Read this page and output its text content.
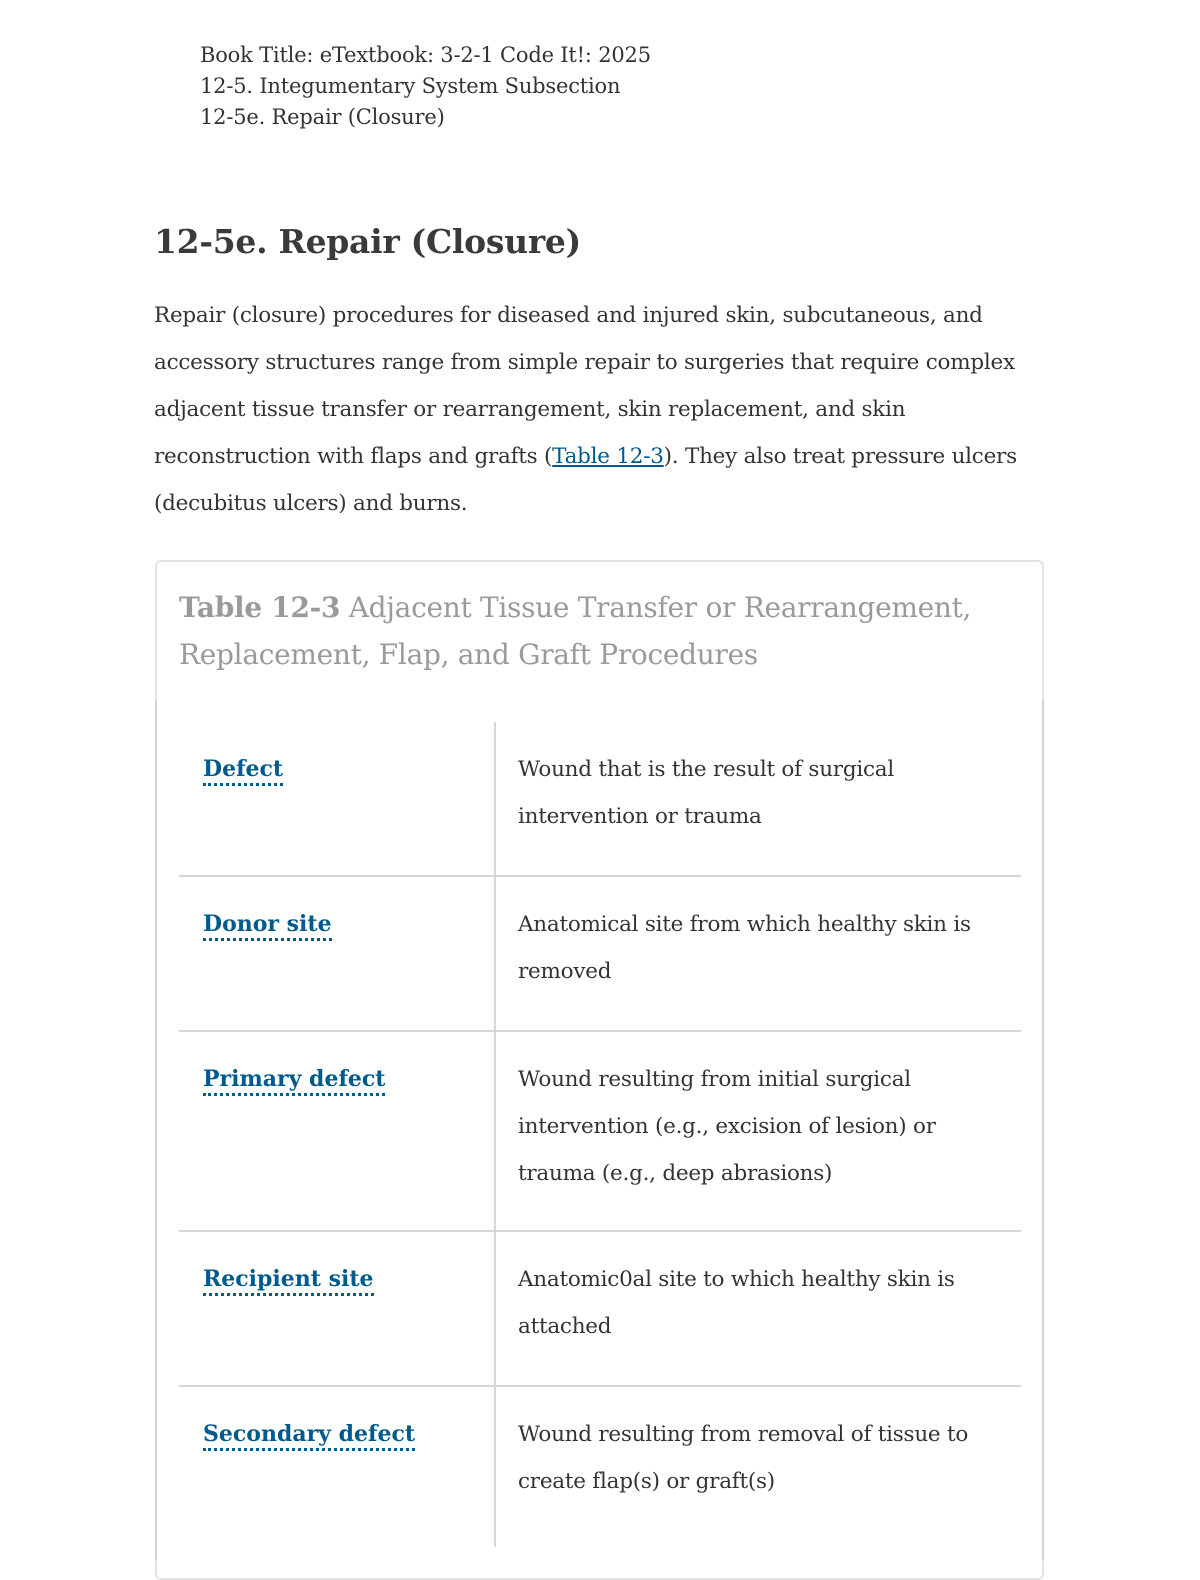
Book Title: eTextbook: 3-2-1 Code It!: 2025
12-5. Integumentary System Subsection
12-5e. Repair (Closure)
12-5e. Repair (Closure)

Repair (closure) procedures for diseased and injured skin, subcutaneous, and accessory structures range from simple repair to surgeries that require complex adjacent tissue transfer or rearrangement, skin replacement, and skin reconstruction with flaps and grafts (Table 12-3). They also treat pressure ulcers (decubitus ulcers) and burns.

Table 12-3 Adjacent Tissue Transfer or Rearrangement, Replacement, Flap, and Graft Procedures
Defect	Wound that is the result of surgical intervention or trauma

Donor site	Anatomical site from which healthy skin is removed

Primary defect	Wound resulting from initial surgical intervention (e.g., excision of lesion) or trauma (e.g., deep abrasions)

Recipient site	Anatomic0al site to which healthy skin is attached

Secondary defect	Wound resulting from removal of tissue to create flap(s) or graft(s)
